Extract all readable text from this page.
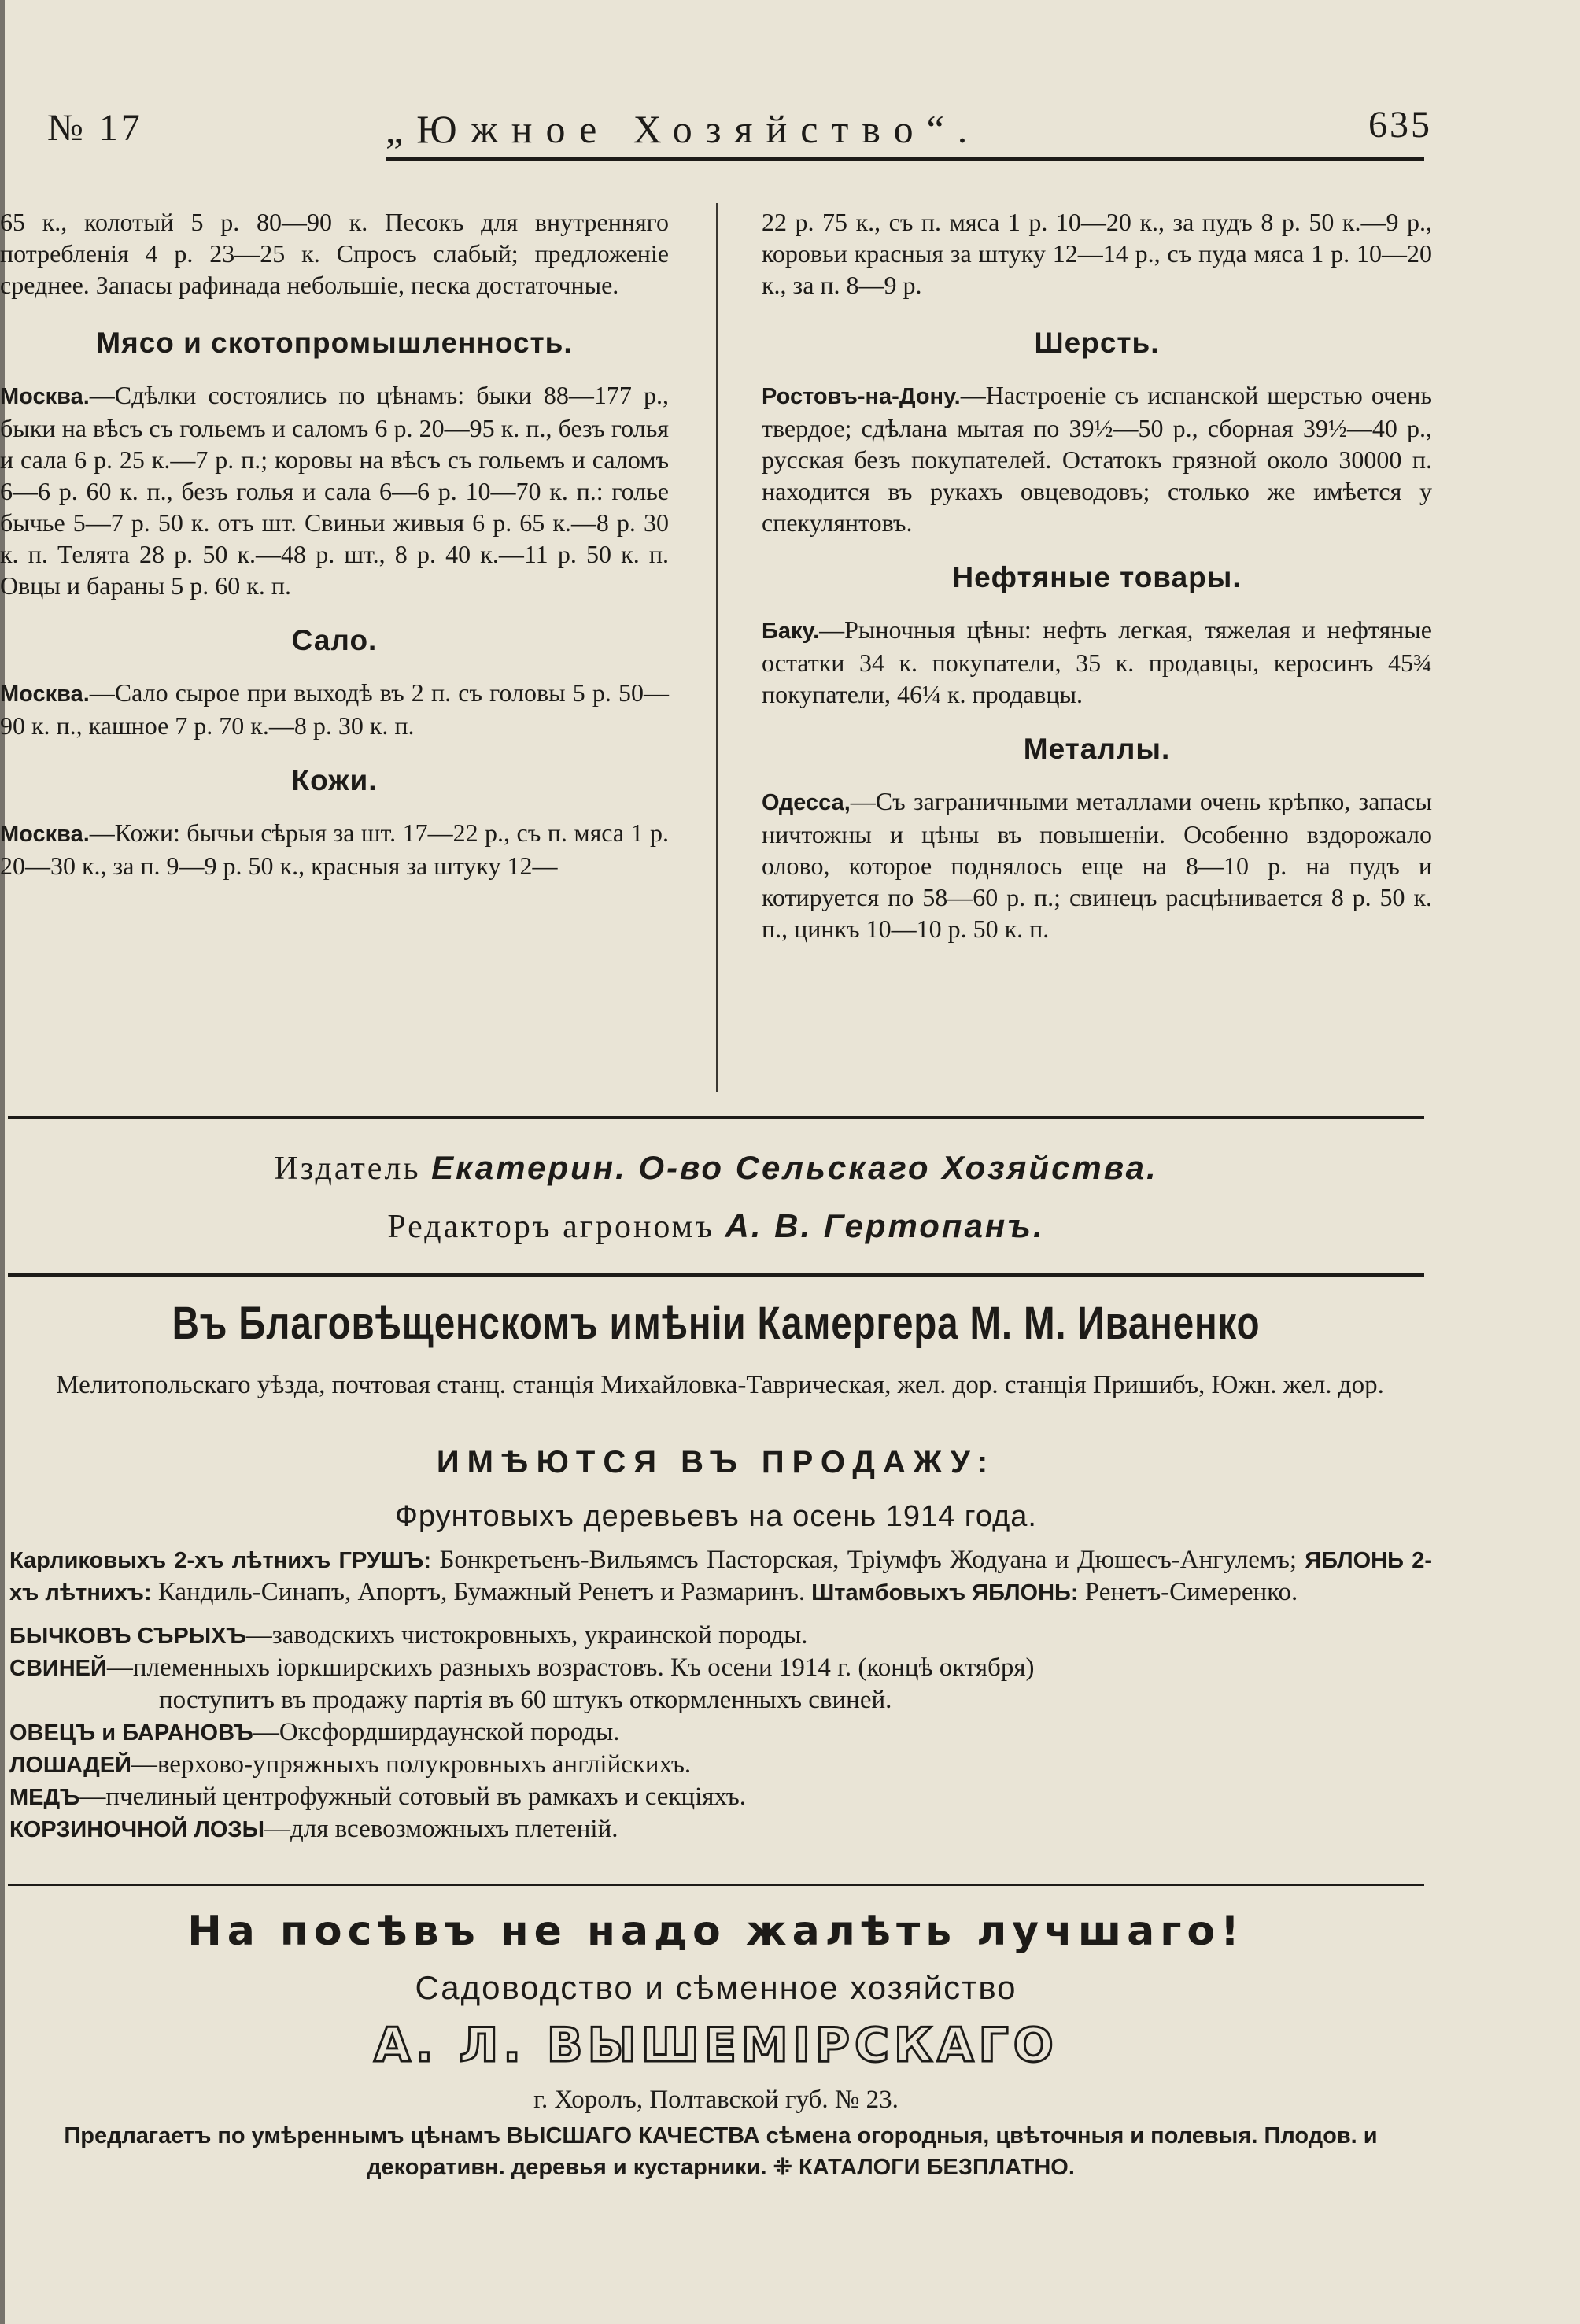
№ 17	„Южное Хозяйство“.	635

65 к., колотый 5 р. 80—90 к. Песокъ для внутренняго потребленія 4 р. 23—25 к. Спросъ слабый; предложеніе среднее. Запасы рафинада небольшіе, песка достаточные.

Мясо и скотопромышленность.

Москва.—Сдѣлки состоялись по цѣнамъ: быки 88—177 р., быки на вѣсъ съ гольемъ и саломъ 6 р. 20—95 к. п., безъ голья и сала 6 р. 25 к.—7 р. п.; коровы на вѣсъ съ гольемъ и саломъ 6—6 р. 60 к. п., безъ голья и сала 6—6 р. 10—70 к. п.: голье бычье 5—7 р. 50 к. отъ шт. Свиньи живыя 6 р. 65 к.—8 р. 30 к. п. Телята 28 р. 50 к.—48 р. шт., 8 р. 40 к.—11 р. 50 к. п. Овцы и бараны 5 р. 60 к. п.

Сало.

Москва.—Сало сырое при выходѣ въ 2 п. съ головы 5 р. 50—90 к. п., кашное 7 р. 70 к.—8 р. 30 к. п.

Кожи.

Москва.—Кожи: бычьи сѣрыя за шт. 17—22 р., съ п. мяса 1 р. 20—30 к., за п. 9—9 р. 50 к., красныя за штуку 12—

22 р. 75 к., съ п. мяса 1 р. 10—20 к., за пудъ 8 р. 50 к.—9 р., коровьи красныя за штуку 12—14 р., съ пуда мяса 1 р. 10—20 к., за п. 8—9 р.

Шерсть.

Ростовъ-на-Дону.—Настроеніе съ испанской шерстью очень твердое; сдѣлана мытая по 39½—50 р., сборная 39½—40 р., русская безъ покупателей. Остатокъ грязной около 30000 п. находится въ рукахъ овцеводовъ; столько же имѣется у спекулянтовъ.

Нефтяные товары.

Баку.—Рыночныя цѣны: нефть легкая, тяжелая и нефтяные остатки 34 к. покупатели, 35 к. продавцы, керосинъ 45¾ покупатели, 46¼ к. продавцы.

Металлы.

Одесса,—Съ заграничными металлами очень крѣпко, запасы ничтожны и цѣны въ повышеніи. Особенно вздорожало олово, которое поднялось еще на 8—10 р. на пудъ и котируется по 58—60 р. п.; свинецъ расцѣнивается 8 р. 50 к. п., цинкъ 10—10 р. 50 к. п.

Издатель Екатерин. О-во Сельскаго Хозяйства.
Редакторъ агрономъ А. В. Гертопанъ.
Въ Благовѣщенскомъ имѣніи Камергера М. М. Иваненко
Мелитопольскаго уѣзда, почтовая станц. станція Михайловка-Таврическая, жел. дор. станція Пришибъ, Южн. жел. дор.
ИМѢЮТСЯ ВЪ ПРОДАЖУ:
Фрунтовыхъ деревьевъ на осень 1914 года.

Карликовыхъ 2-хъ лѣтнихъ ГРУШЪ: Бонкретьенъ-Вильямсъ Пасторская, Тріумфъ Жодуана и Дюшесъ-Ангулемъ; ЯБЛОНЬ 2-хъ лѣтнихъ: Кандиль-Синапъ, Апортъ, Бумажный Ренетъ и Размаринъ. Штамбовыхъ ЯБЛОНЬ: Ренетъ-Симеренко.

БЫЧКОВЪ СЪРЫХЪ—заводскихъ чистокровныхъ, украинской породы.

СВИНЕЙ—племенныхъ іоркширскихъ разныхъ возрастовъ. Къ осени 1914 г. (концѣ октября)

поступитъ въ продажу партія въ 60 штукъ откормленныхъ свиней.

ОВЕЦЪ и БАРАНОВЪ—Оксфордширдаунской породы.

ЛОШАДЕЙ—верхово-упряжныхъ полукровныхъ англійскихъ.

МЕДЪ—пчелиный центрофужный сотовый въ рамкахъ и секціяхъ.

КОРЗИНОЧНОЙ ЛОЗЫ—для всевозможныхъ плетеній.

На посѣвъ не надо жалѣть лучшаго!
Садоводство и сѣменное хозяйство
А. Л. ВЫШЕМІРСКАГО
г. Хоролъ, Полтавской губ. № 23.
Предлагаетъ по умѣреннымъ цѣнамъ ВЫСШАГО КАЧЕСТВА сѣмена огородныя, цвѣточныя и полевыя. Плодов. и декоративн. деревья и кустарники. ⁜ КАТАЛОГИ БЕЗПЛАТНО.
